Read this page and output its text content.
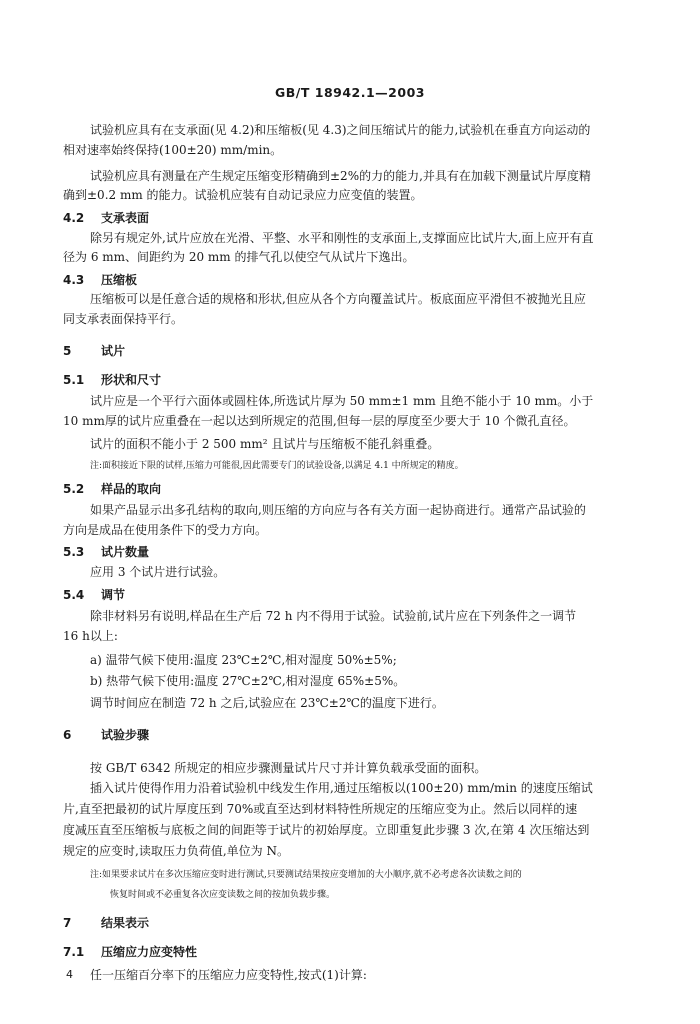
GB/T 18942.1—2003
试验机应具有在支承面(见 4.2)和压缩板(见 4.3)之间压缩试片的能力,试验机在垂直方向运动的
相对速率始终保持(100±20) mm/min。
试验机应具有测量在产生规定压缩变形精确到±2%的力的能力,并具有在加载下测量试片厚度精
确到±0.2 mm 的能力。试验机应装有自动记录应力应变值的装置。
4.2 支承表面
除另有规定外,试片应放在光滑、平整、水平和刚性的支承面上,支撑面应比试片大,面上应开有直
径为 6 mm、间距约为 20 mm 的排气孔以使空气从试片下逸出。
4.3 压缩板
压缩板可以是任意合适的规格和形状,但应从各个方向覆盖试片。板底面应平滑但不被抛光且应
同支承表面保持平行。
5 试片
5.1 形状和尺寸
试片应是一个平行六面体或圆柱体,所选试片厚为 50 mm±1 mm 且绝不能小于 10 mm。小于
10 mm厚的试片应重叠在一起以达到所规定的范围,但每一层的厚度至少要大于 10 个微孔直径。
试片的面积不能小于 2 500 mm² 且试片与压缩板不能孔斜重叠。
注:面积接近下限的试样,压缩力可能很,因此需要专门的试验设备,以满足 4.1 中所规定的精度。
5.2 样品的取向
如果产品显示出多孔结构的取向,则压缩的方向应与各有关方面一起协商进行。通常产品试验的
方向是成品在使用条件下的受力方向。
5.3 试片数量
应用 3 个试片进行试验。
5.4 调节
除非材料另有说明,样品在生产后 72 h 内不得用于试验。试验前,试片应在下列条件之一调节
16 h以上:
a) 温带气候下使用:温度 23℃±2℃,相对湿度 50%±5%;
b) 热带气候下使用:温度 27℃±2℃,相对湿度 65%±5%。
调节时间应在制造 72 h 之后,试验应在 23℃±2℃的温度下进行。
6 试验步骤
按 GB/T 6342 所规定的相应步骤测量试片尺寸并计算负载承受面的面积。
插入试片使得作用力沿着试验机中线发生作用,通过压缩板以(100±20) mm/min 的速度压缩试
片,直至把最初的试片厚度压到 70%或直至达到材料特性所规定的压缩应变为止。然后以同样的速
度减压直至压缩板与底板之间的间距等于试片的初始厚度。立即重复此步骤 3 次,在第 4 次压缩达到
规定的应变时,读取压力负荷值,单位为 N。
注:如果要求试片在多次压缩应变时进行测试,只要测试结果按应变增加的大小顺序,就不必考虑各次读数之间的
恢复时间或不必重复各次应变读数之间的按加负载步骤。
7 结果表示
7.1 压缩应力应变特性
任一压缩百分率下的压缩应力应变特性,按式(1)计算:
4
